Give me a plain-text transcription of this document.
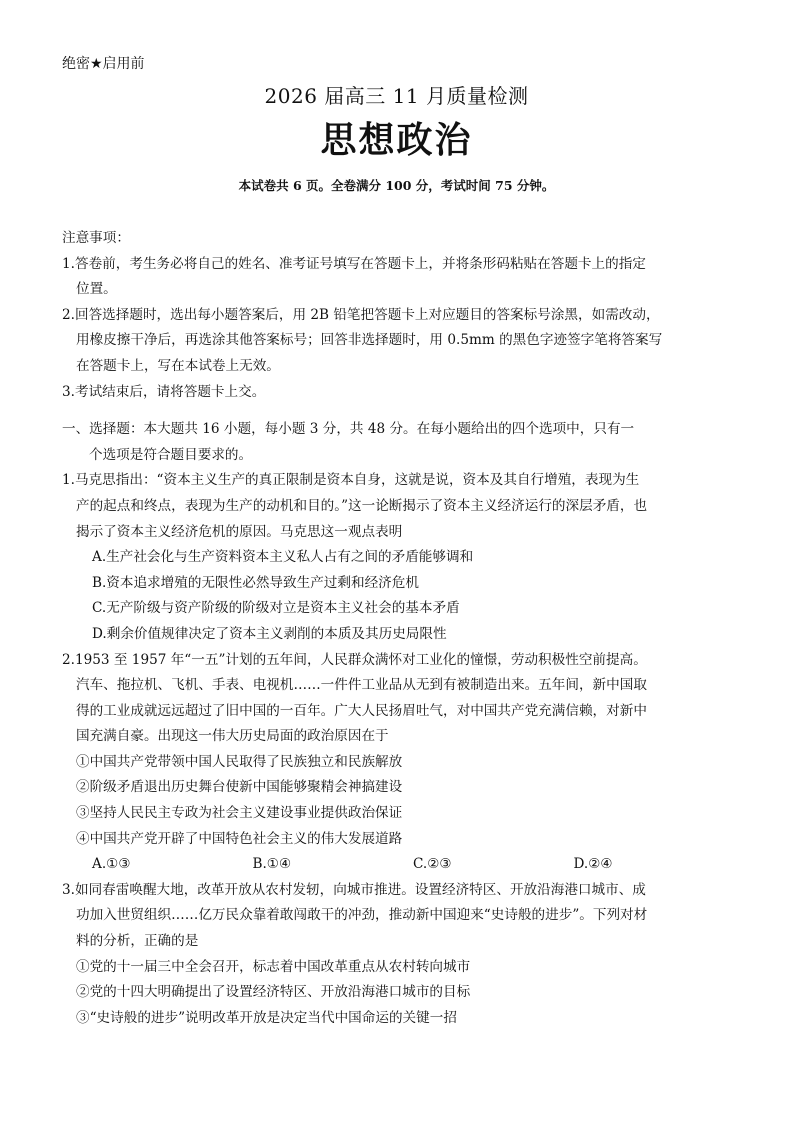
绝密★启用前
2026 届高三 11 月质量检测
思想政治
本试卷共 6 页。全卷满分 100 分，考试时间 75 分钟。
注意事项：
1.答卷前，考生务必将自己的姓名、准考证号填写在答题卡上，并将条形码粘贴在答题卡上的指定
位置。
2.回答选择题时，选出每小题答案后，用 2B 铅笔把答题卡上对应题目的答案标号涂黑，如需改动，
用橡皮擦干净后，再选涂其他答案标号；回答非选择题时，用 0.5mm 的黑色字迹签字笔将答案写
在答题卡上，写在本试卷上无效。
3.考试结束后，请将答题卡上交。
一、选择题：本大题共 16 小题，每小题 3 分，共 48 分。在每小题给出的四个选项中，只有一
个选项是符合题目要求的。
1.马克思指出：“资本主义生产的真正限制是资本自身，这就是说，资本及其自行增殖，表现为生
产的起点和终点，表现为生产的动机和目的。”这一论断揭示了资本主义经济运行的深层矛盾，也
揭示了资本主义经济危机的原因。马克思这一观点表明
A.生产社会化与生产资料资本主义私人占有之间的矛盾能够调和
B.资本追求增殖的无限性必然导致生产过剩和经济危机
C.无产阶级与资产阶级的阶级对立是资本主义社会的基本矛盾
D.剩余价值规律决定了资本主义剥削的本质及其历史局限性
2.1953 至 1957 年“一五”计划的五年间，人民群众满怀对工业化的憧憬，劳动积极性空前提高。
汽车、拖拉机、飞机、手表、电视机……一件件工业品从无到有被制造出来。五年间，新中国取
得的工业成就远远超过了旧中国的一百年。广大人民扬眉吐气，对中国共产党充满信赖，对新中
国充满自豪。出现这一伟大历史局面的政治原因在于
①中国共产党带领中国人民取得了民族独立和民族解放
②阶级矛盾退出历史舞台使新中国能够聚精会神搞建设
③坚持人民民主专政为社会主义建设事业提供政治保证
④中国共产党开辟了中国特色社会主义的伟大发展道路
A.①③	B.①④	C.②③	D.②④
3.如同春雷唤醒大地，改革开放从农村发轫，向城市推进。设置经济特区、开放沿海港口城市、成
功加入世贸组织……亿万民众靠着敢闯敢干的冲劲，推动新中国迎来“史诗般的进步”。下列对材
料的分析，正确的是
①党的十一届三中全会召开，标志着中国改革重点从农村转向城市
②党的十四大明确提出了设置经济特区、开放沿海港口城市的目标
③“史诗般的进步”说明改革开放是决定当代中国命运的关键一招
